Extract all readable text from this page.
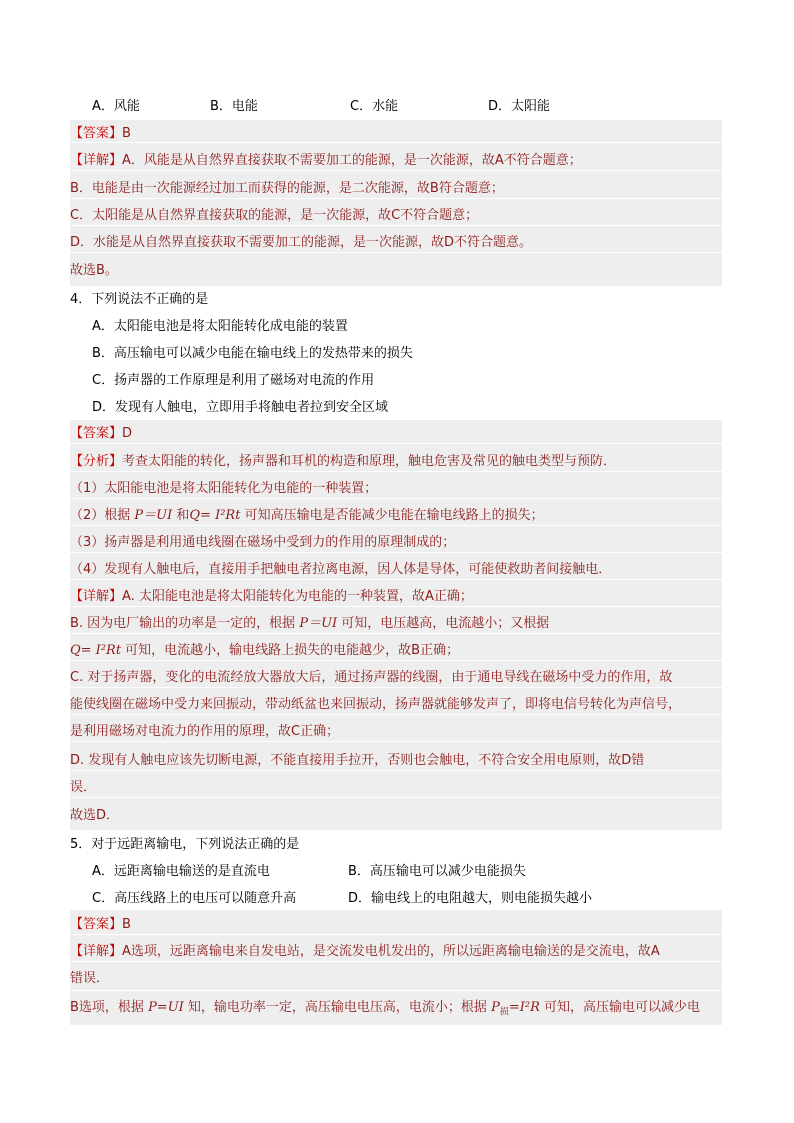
A．风能	B．电能	C．水能	D．太阳能
【答案】B
【详解】A．风能是从自然界直接获取不需要加工的能源，是一次能源，故A不符合题意；
B．电能是由一次能源经过加工而获得的能源，是二次能源，故B符合题意；
C．太阳能是从自然界直接获取的能源，是一次能源，故C不符合题意；
D．水能是从自然界直接获取不需要加工的能源，是一次能源，故D不符合题意。
故选B。
4．下列说法不正确的是
A．太阳能电池是将太阳能转化成电能的装置
B．高压输电可以减少电能在输电线上的发热带来的损失
C．扬声器的工作原理是利用了磁场对电流的作用
D．发现有人触电，立即用手将触电者拉到安全区域
【答案】D
【分析】考查太阳能的转化，扬声器和耳机的构造和原理，触电危害及常见的触电类型与预防．
（1）太阳能电池是将太阳能转化为电能的一种装置；
（2）根据 P＝UI 和Q= I²Rt 可知高压输电是否能减少电能在输电线路上的损失；
（3）扬声器是利用通电线圈在磁场中受到力的作用的原理制成的；
（4）发现有人触电后，直接用手把触电者拉离电源，因人体是导体，可能使救助者间接触电．
【详解】A. 太阳能电池是将太阳能转化为电能的一种装置，故A正确；
B. 因为电厂输出的功率是一定的，根据 P＝UI 可知，电压越高，电流越小；又根据
Q= I²Rt 可知，电流越小，输电线路上损失的电能越少，故B正确；
C. 对于扬声器，变化的电流经放大器放大后，通过扬声器的线圈，由于通电导线在磁场中受力的作用，故
能使线圈在磁场中受力来回振动，带动纸盆也来回振动，扬声器就能够发声了，即将电信号转化为声信号，
是利用磁场对电流力的作用的原理，故C正确；
D. 发现有人触电应该先切断电源，不能直接用手拉开，否则也会触电，不符合安全用电原则，故D错
误．
故选D．
5．对于远距离输电，下列说法正确的是
A．远距离输电输送的是直流电	B．高压输电可以减少电能损失
C．高压线路上的电压可以随意升高	D．输电线上的电阻越大，则电能损失越小
【答案】B
【详解】A选项，远距离输电来自发电站，是交流发电机发出的，所以远距离输电输送的是交流电，故A
错误．
B选项，根据 P=UI 知，输电功率一定，高压输电电压高，电流小；根据 $P_损=I^2R$ 可知，高压输电可以减少电
